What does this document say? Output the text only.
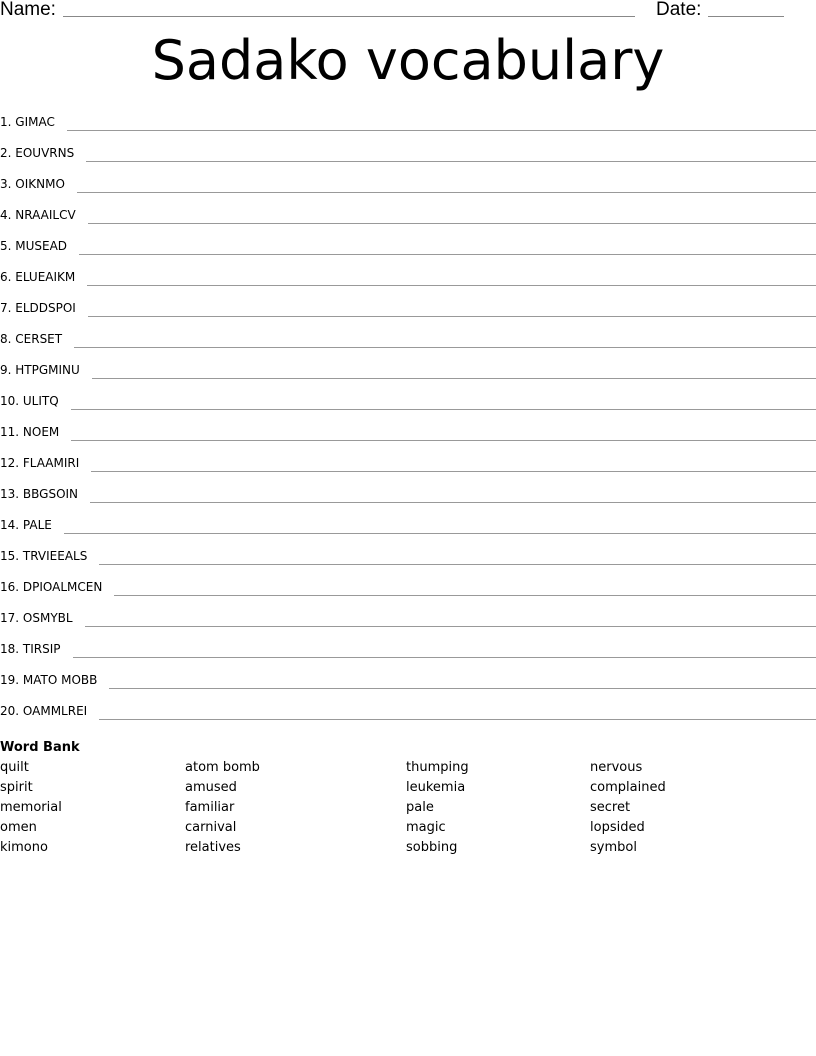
Name:	Date:
Sadako vocabulary
1. GIMAC
2. EOUVRNS
3. OIKNMO
4. NRAAILCV
5. MUSEAD
6. ELUEAIKM
7. ELDDSPOI
8. CERSET
9. HTPGMINU
10. ULITQ
11. NOEM
12. FLAAMIRI
13. BBGSOIN
14. PALE
15. TRVIEEALS
16. DPIOALMCEN
17. OSMYBL
18. TIRSIP
19. MATO MOBB
20. OAMMLREI
Word Bank
quilt
spirit
memorial
omen
kimono
atom bomb
amused
familiar
carnival
relatives
thumping
leukemia
pale
magic
sobbing
nervous
complained
secret
lopsided
symbol
